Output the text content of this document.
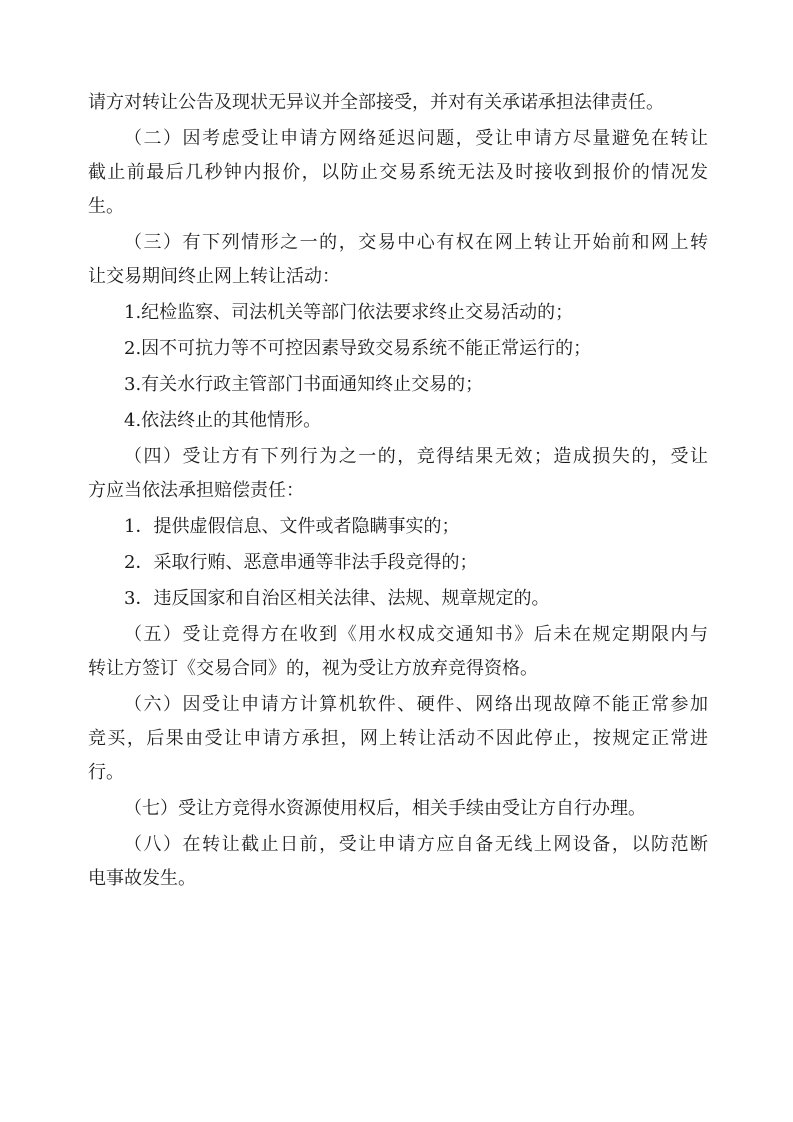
请方对转让公告及现状无异议并全部接受，并对有关承诺承担法律责任。
（二）因考虑受让申请方网络延迟问题，受让申请方尽量避免在转让
截止前最后几秒钟内报价，以防止交易系统无法及时接收到报价的情况发
生。
（三）有下列情形之一的，交易中心有权在网上转让开始前和网上转
让交易期间终止网上转让活动：
1.纪检监察、司法机关等部门依法要求终止交易活动的；
2.因不可抗力等不可控因素导致交易系统不能正常运行的；
3.有关水行政主管部门书面通知终止交易的；
4.依法终止的其他情形。
（四）受让方有下列行为之一的，竞得结果无效；造成损失的，受让
方应当依法承担赔偿责任：
1．提供虚假信息、文件或者隐瞒事实的；
2．采取行贿、恶意串通等非法手段竞得的；
3．违反国家和自治区相关法律、法规、规章规定的。
（五）受让竞得方在收到《用水权成交通知书》后未在规定期限内与
转让方签订《交易合同》的，视为受让方放弃竞得资格。
（六）因受让申请方计算机软件、硬件、网络出现故障不能正常参加
竞买，后果由受让申请方承担，网上转让活动不因此停止，按规定正常进
行。
（七）受让方竞得水资源使用权后，相关手续由受让方自行办理。
（八）在转让截止日前，受让申请方应自备无线上网设备，以防范断
电事故发生。
